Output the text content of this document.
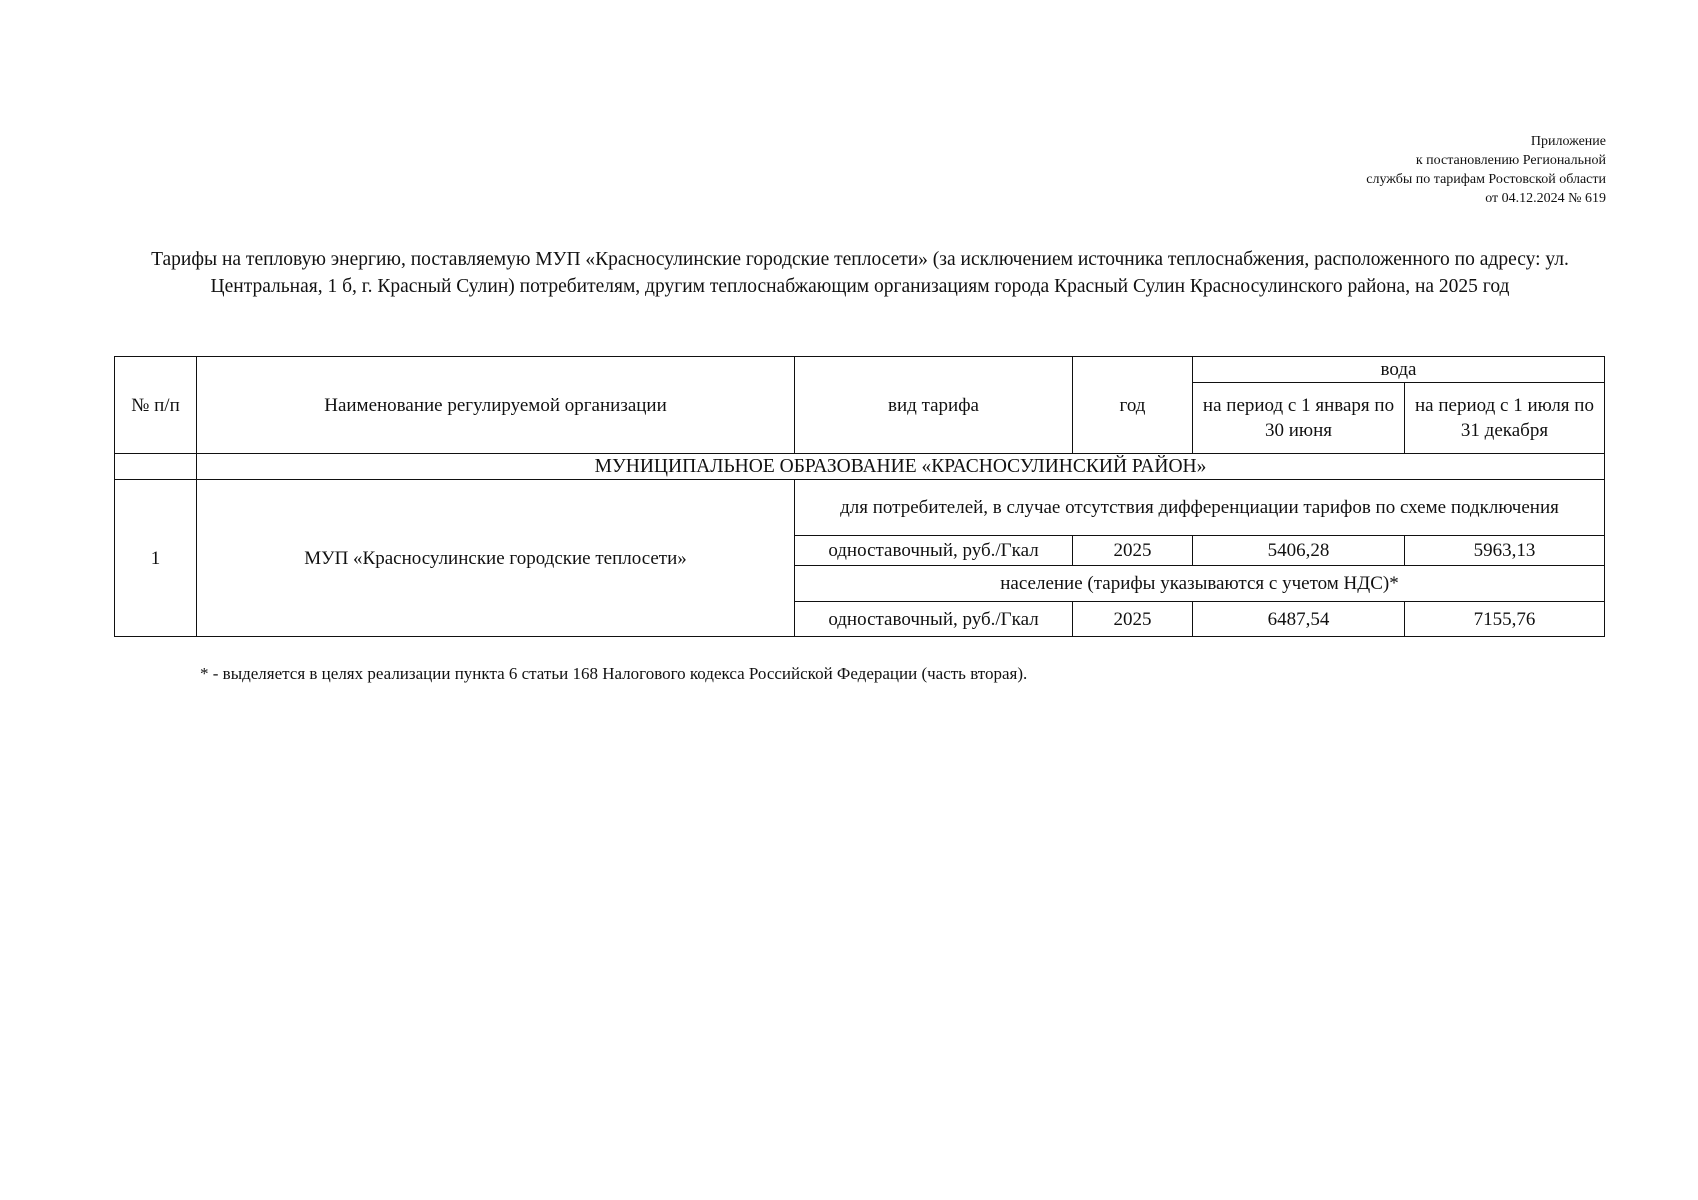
Приложение
к постановлению Региональной
службы по тарифам Ростовской области
от 04.12.2024 № 619
Тарифы на тепловую энергию, поставляемую МУП «Красносулинские городские теплосети» (за исключением источника теплоснабжения, расположенного по адресу: ул. Центральная, 1 б, г. Красный Сулин) потребителям, другим теплоснабжающим организациям города Красный Сулин Красносулинского района, на 2025 год
№ п/п	Наименование регулируемой организации	вид тарифа	год	вода	
				на период с 1 января по 30 июня	на период с 1 июля по 31 декабря
	МУНИЦИПАЛЬНОЕ ОБРАЗОВАНИЕ «КРАСНОСУЛИНСКИЙ РАЙОН»				
1	МУП «Красносулинские городские теплосети»	для потребителей, в случае отсутствия дифференциации тарифов по схеме подключения			
		одноставочный, руб./Гкал	2025	5406,28	5963,13
		население (тарифы указываются с учетом НДС)*			
		одноставочный, руб./Гкал	2025	6487,54	7155,76
* - выделяется в целях реализации пункта 6 статьи 168 Налогового кодекса Российской Федерации (часть вторая).
